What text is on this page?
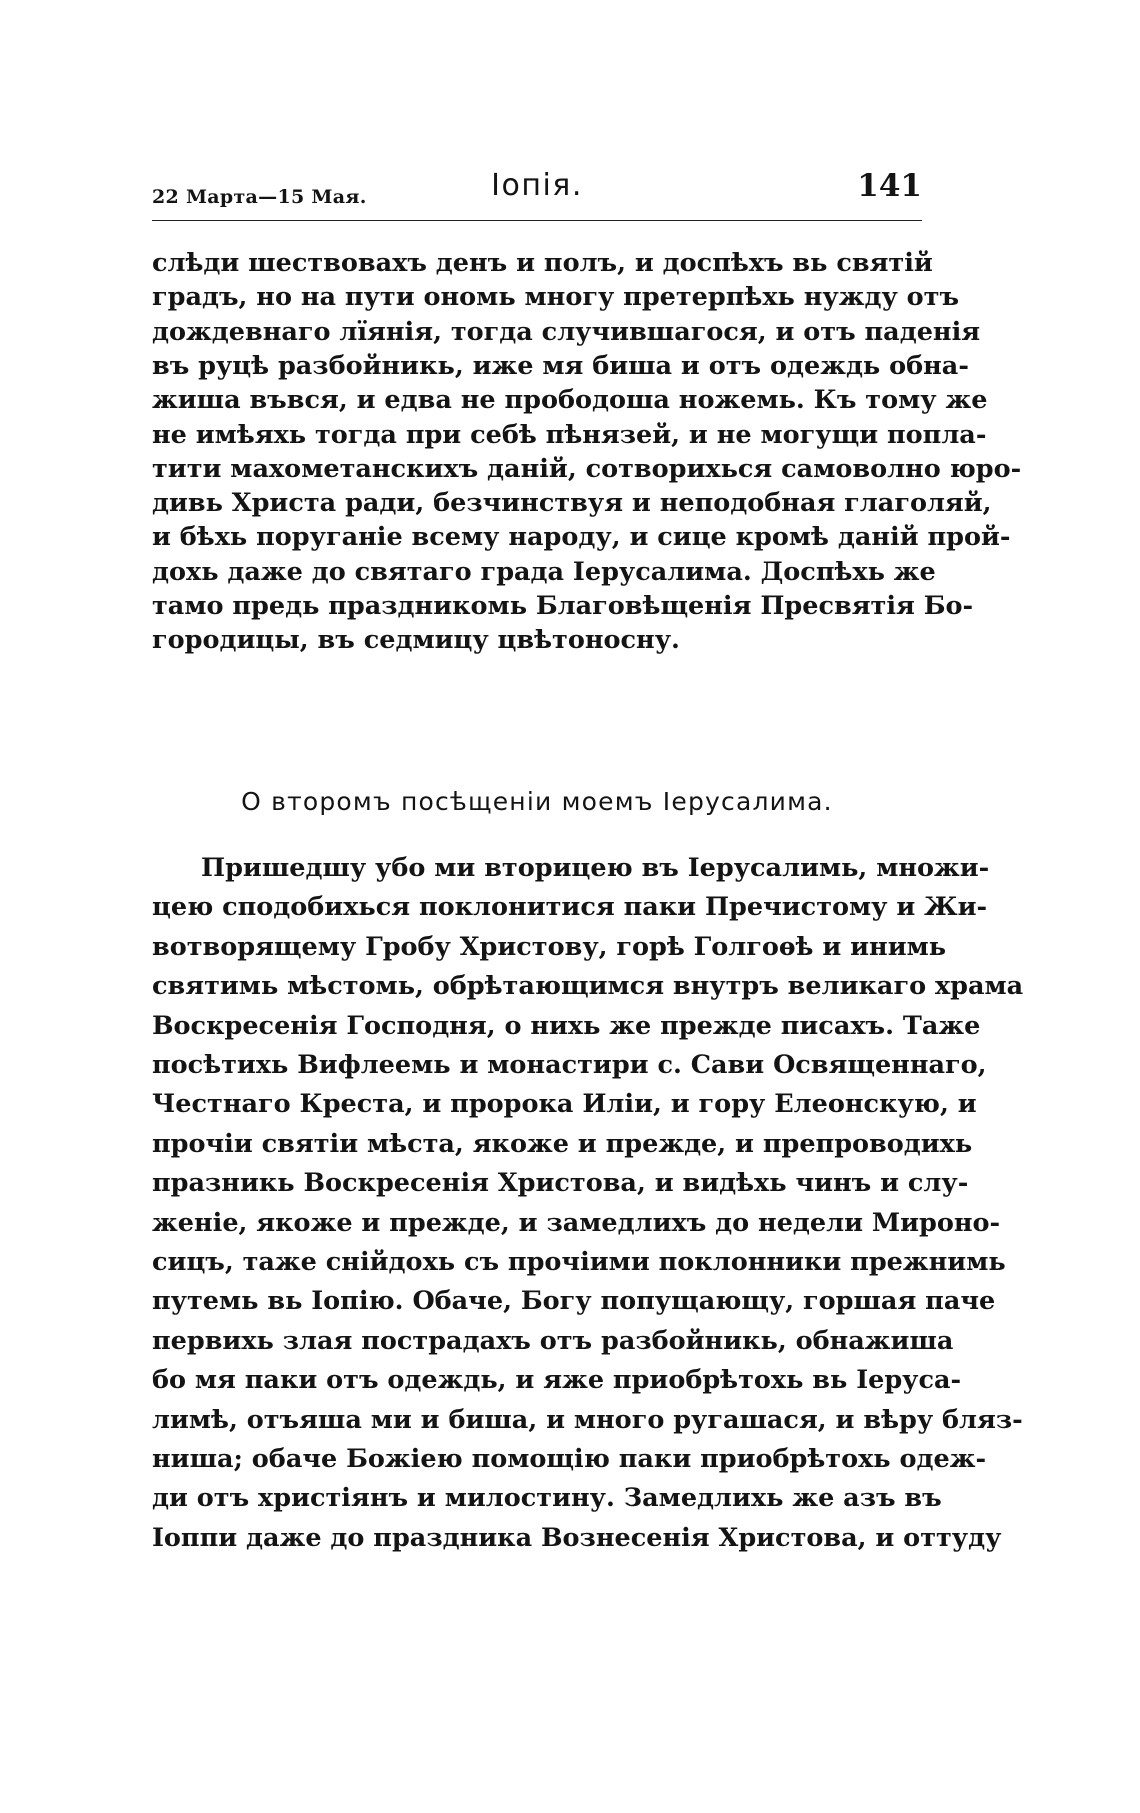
22 Марта—15 Мая.	Іопія.	141
слѣди шествовахъ денъ и полъ, и доспѣхъ вь святій
градъ, но на пути ономь многу претерпѣхь нужду отъ
дождевнаго лїянія, тогда случившагося, и отъ паденія
въ руцѣ разбойникь, иже мя биша и отъ одеждь обна-
жиша въвся, и едва не прободоша ножемь. Къ тому же
не имѣяхь тогда при себѣ пѣнязей, и не могущи попла-
тити махометанскихъ даній, сотворихься самоволно юро-
дивь Христа ради, безчинствуя и неподобная глаголяй,
и бѣхь поруганіе всему народу, и сице кромѣ даній прой-
дохь даже до святаго града Іерусалима. Доспѣхь же
тамо предь праздникомь Благовѣщенія Пресвятія Бо-
городицы, въ седмицу цвѣтоносну.
О второмъ посѣщеніи моемъ Іерусалима.
Пришедшу убо ми вторицею въ Іерусалимь, множи-
цею сподобихься поклонитися паки Пречистому и Жи-
вотворящему Гробу Христову, горѣ Голгоѳѣ и инимь
святимь мѣстомь, обрѣтающимся внутръ великаго храма
Воскресенія Господня, о нихь же прежде писахъ. Таже
посѣтихь Вифлеемь и монастири с. Сави Освященнаго,
Честнаго Креста, и пророка Иліи, и гору Елеонскую, и
прочіи святіи мѣста, якоже и прежде, и препроводихь
празникь Воскресенія Христова, и видѣхь чинъ и слу-
женіе, якоже и прежде, и замедлихъ до недели Мироно-
сицъ, таже снійдохь съ прочіими поклонники прежнимь
путемь вь Іопію. Обаче, Богу попущающу, горшая паче
первихь злая пострадахъ отъ разбойникь, обнажиша
бо мя паки отъ одеждь, и яже приобрѣтохь вь Іеруса-
лимѣ, отъяша ми и биша, и много ругашася, и вѣру бляз-
ниша; обаче Божіею помощію паки приобрѣтохь одеж-
ди отъ христіянъ и милостину. Замедлихь же азъ въ
Іоппи даже до праздника Вознесенія Христова, и оттуду
